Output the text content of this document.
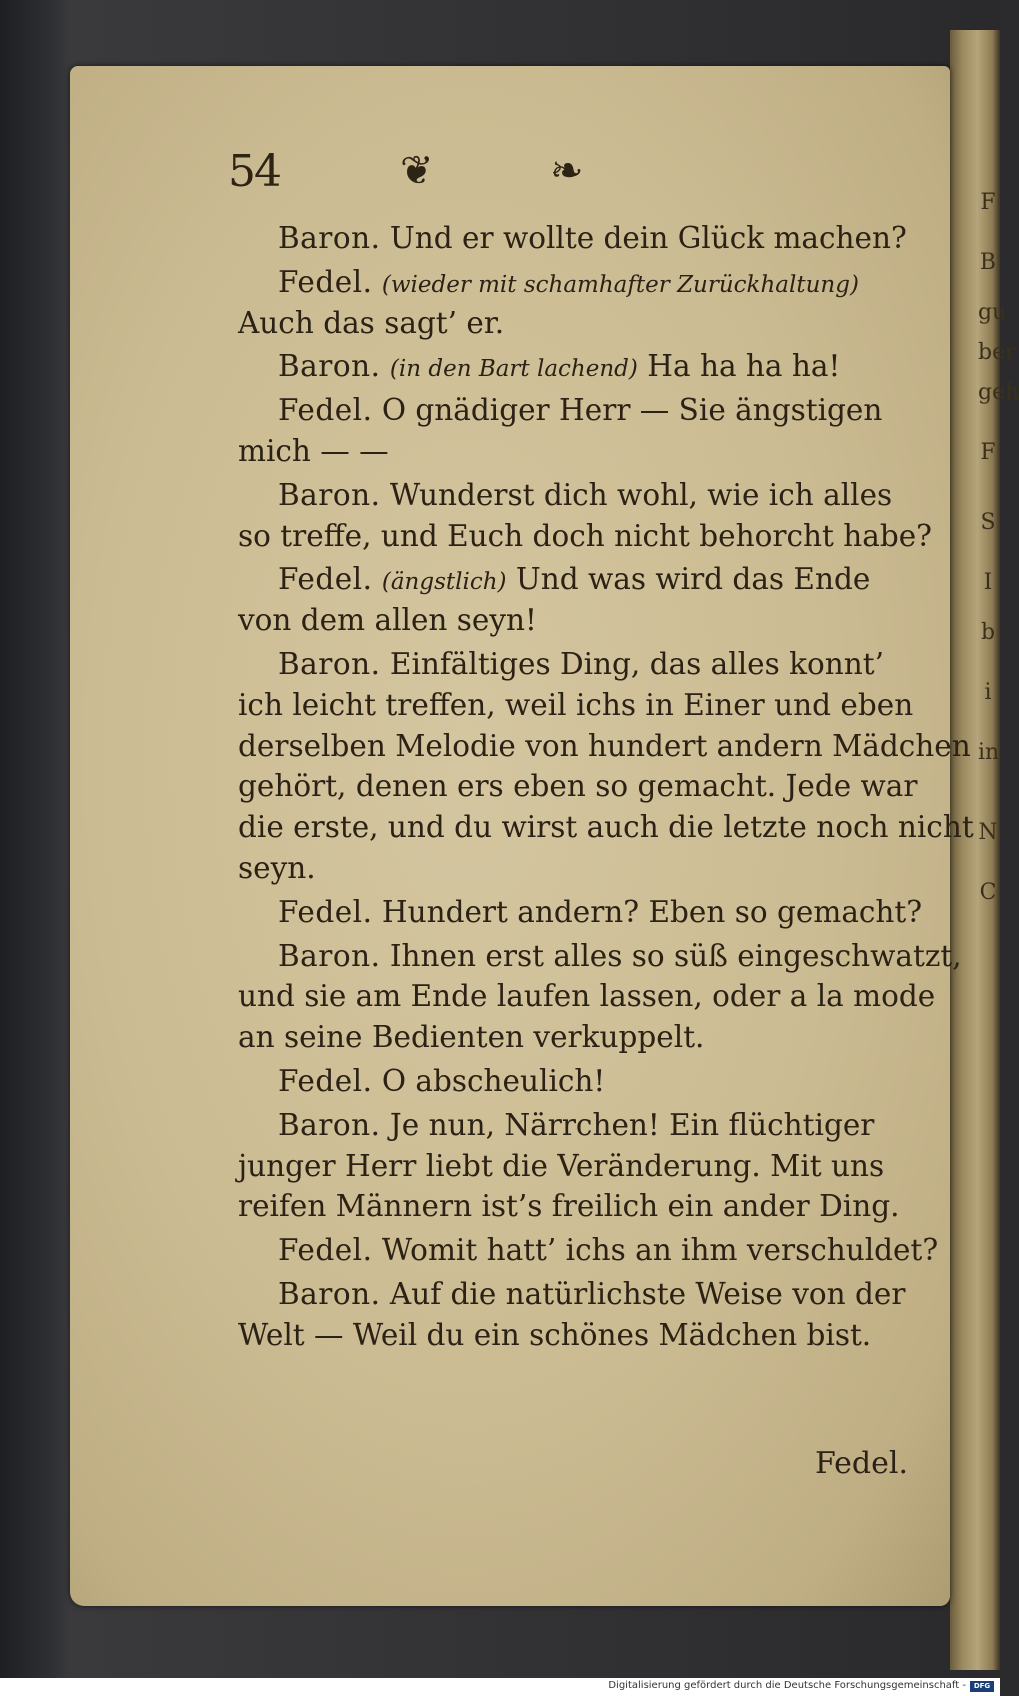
54	❦	❧
Baron. Und er wollte dein Glück machen?
Fedel. (wieder mit schamhafter Zurückhaltung)
Auch das sagt’ er.
Baron. (in den Bart lachend) Ha ha ha ha!
Fedel. O gnädiger Herr — Sie ängstigen
mich — —
Baron. Wunderst dich wohl, wie ich alles
so treffe, und Euch doch nicht behorcht habe?
Fedel. (ängstlich) Und was wird das Ende
von dem allen seyn!
Baron. Einfältiges Ding, das alles konnt’
ich leicht treffen, weil ichs in Einer und eben
derselben Melodie von hundert andern Mädchen
gehört, denen ers eben so gemacht. Jede war
die erste, und du wirst auch die letzte noch nicht
seyn.
Fedel. Hundert andern? Eben so gemacht?
Baron. Ihnen erst alles so süß eingeschwatzt,
und sie am Ende laufen lassen, oder a la mode
an seine Bedienten verkuppelt.
Fedel. O abscheulich!
Baron. Je nun, Närrchen! Ein flüchtiger
junger Herr liebt die Veränderung. Mit uns
reifen Männern ist’s freilich ein ander Ding.
Fedel. Womit hatt’ ichs an ihm verschuldet?
Baron. Auf die natürlichste Weise von der
Welt — Weil du ein schönes Mädchen bist.
Fedel.
F
B
gu
ber
geh
F
S
I
b
i
in
N
C
Digitalisierung gefördert durch die Deutsche Forschungsgemeinschaft -	DFG
